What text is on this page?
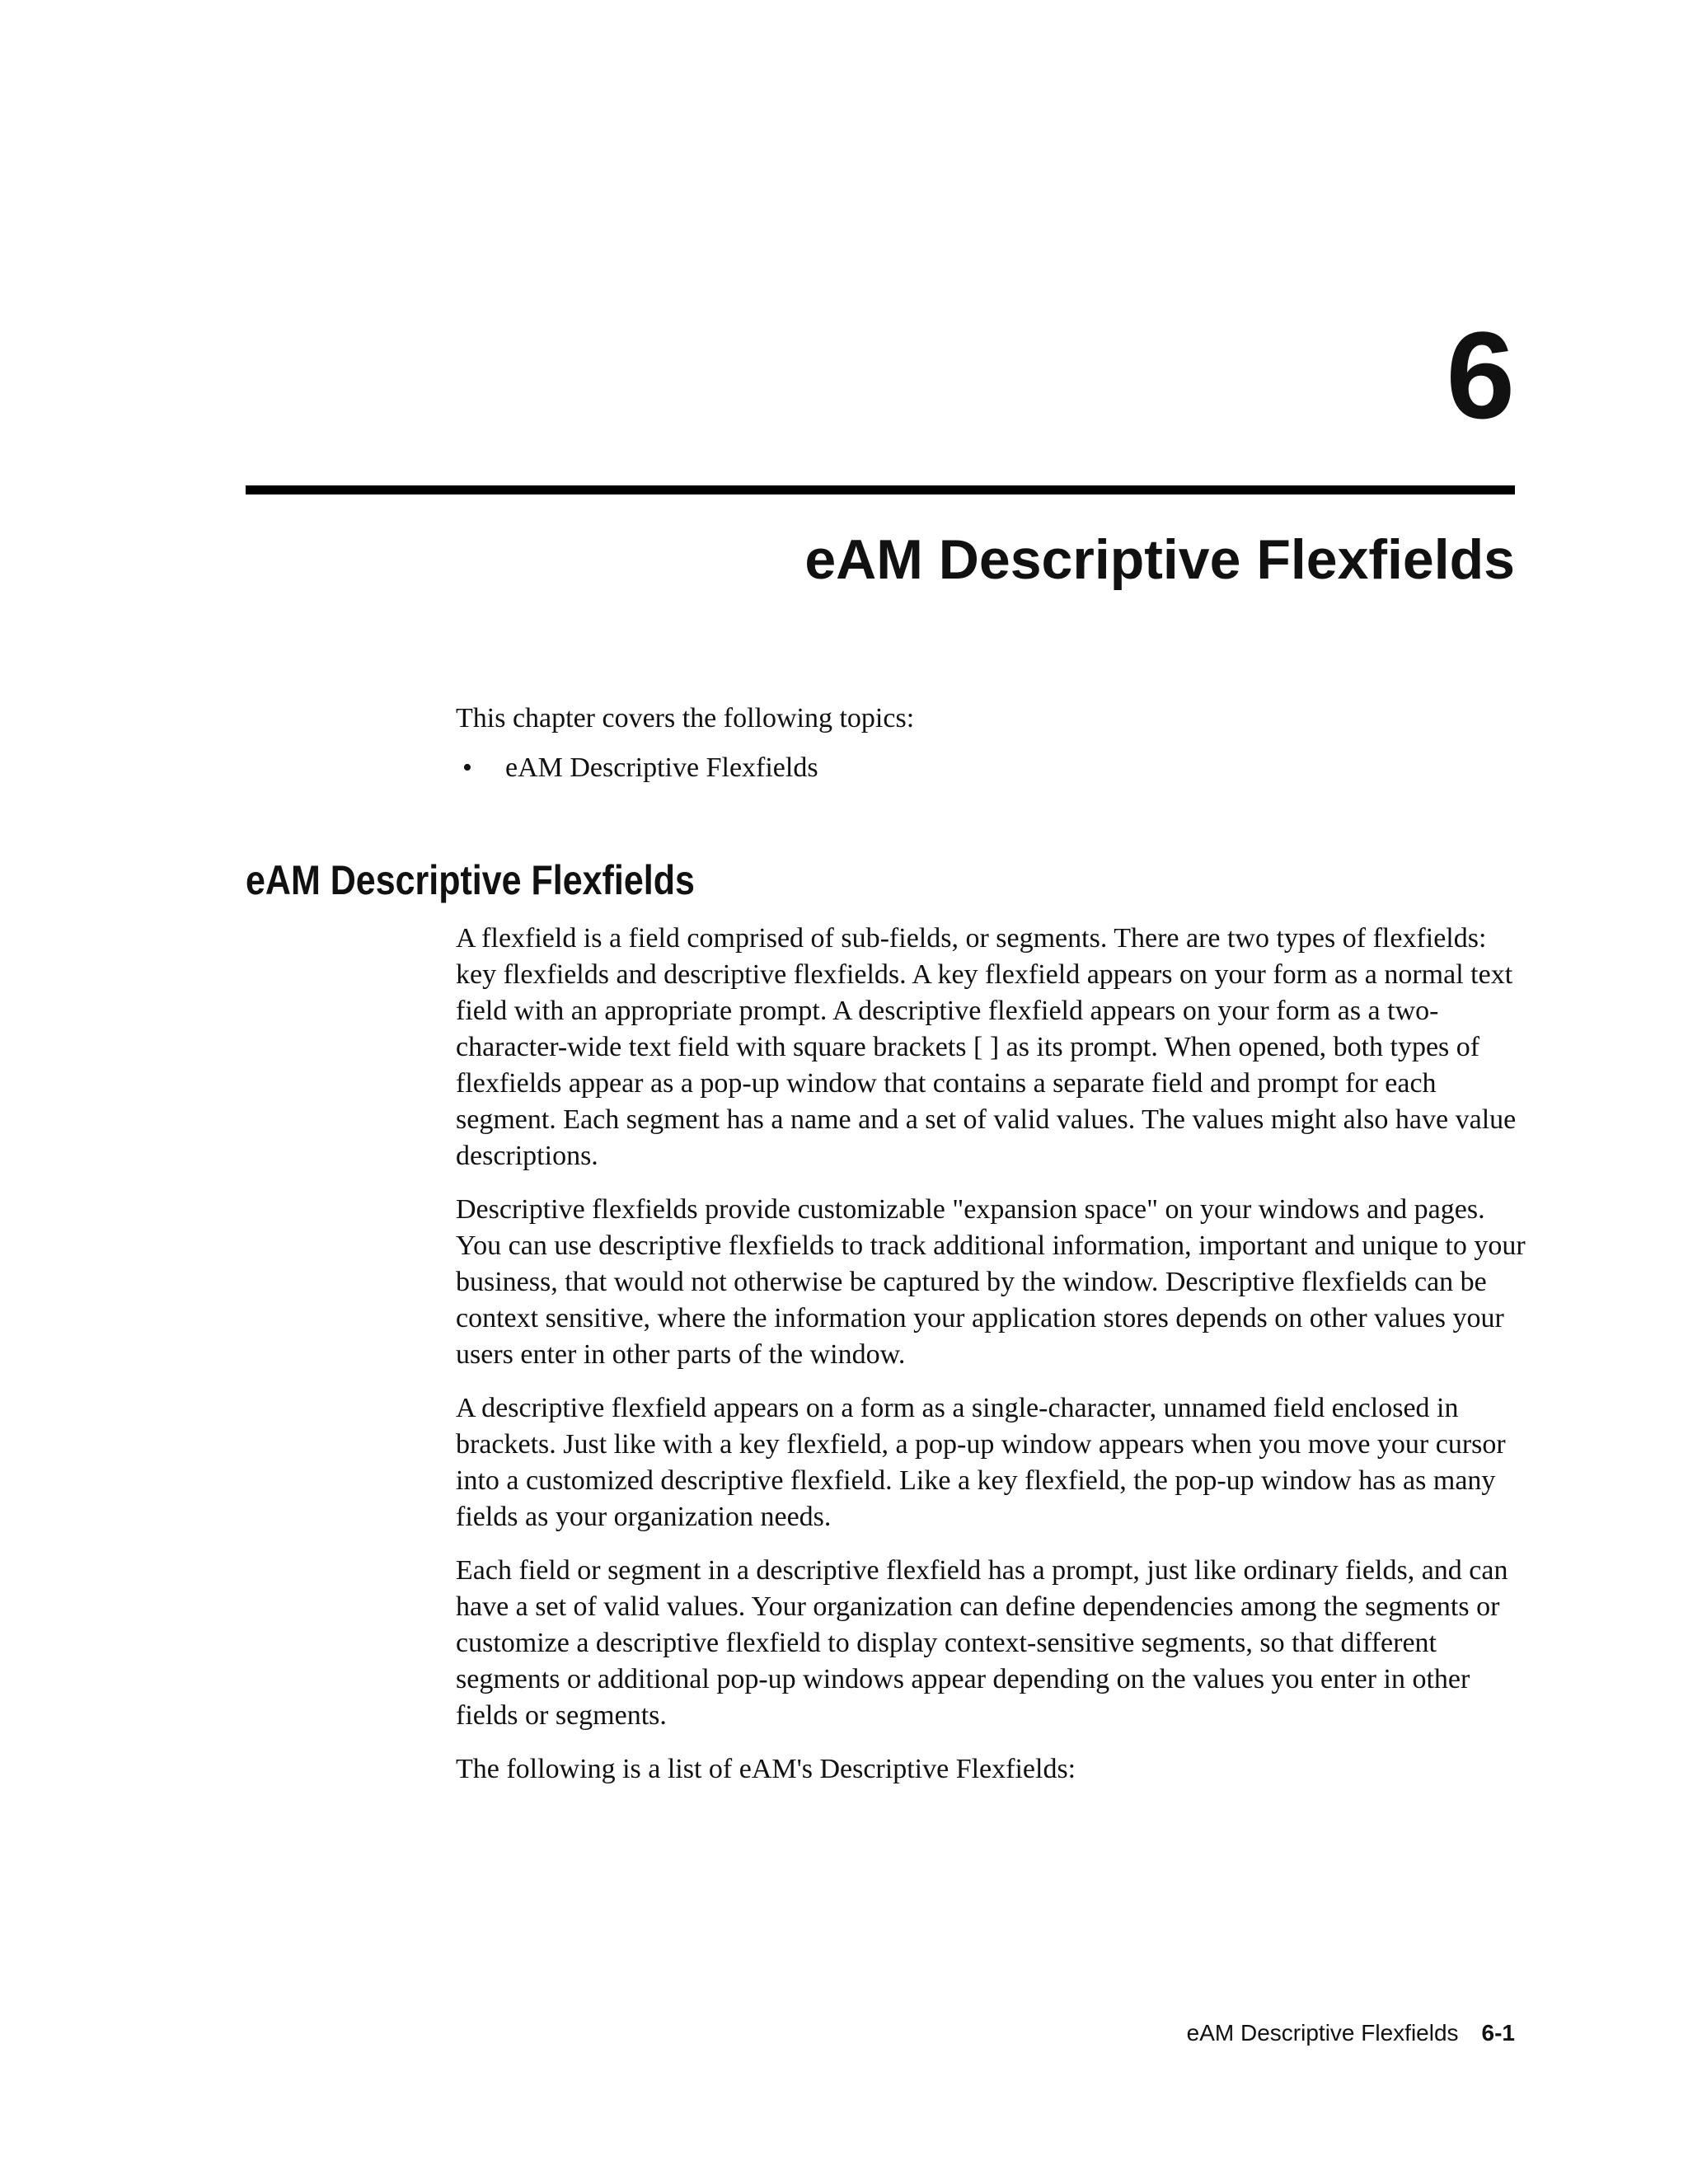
6
eAM Descriptive Flexfields

This chapter covers the following topics:

• eAM Descriptive Flexfields
eAM Descriptive Flexfields

A flexfield is a field comprised of sub-fields, or segments. There are two types of flexfields: key flexfields and descriptive flexfields. A key flexfield appears on your form as a normal text field with an appropriate prompt. A descriptive flexfield appears on your form as a two-character-wide text field with square brackets [ ] as its prompt. When opened, both types of flexfields appear as a pop-up window that contains a separate field and prompt for each segment. Each segment has a name and a set of valid values. The values might also have value descriptions.

Descriptive flexfields provide customizable "expansion space" on your windows and pages. You can use descriptive flexfields to track additional information, important and unique to your business, that would not otherwise be captured by the window. Descriptive flexfields can be context sensitive, where the information your application stores depends on other values your users enter in other parts of the window.

A descriptive flexfield appears on a form as a single-character, unnamed field enclosed in brackets. Just like with a key flexfield, a pop-up window appears when you move your cursor into a customized descriptive flexfield. Like a key flexfield, the pop-up window has as many fields as your organization needs.

Each field or segment in a descriptive flexfield has a prompt, just like ordinary fields, and can have a set of valid values. Your organization can define dependencies among the segments or customize a descriptive flexfield to display context-sensitive segments, so that different segments or additional pop-up windows appear depending on the values you enter in other fields or segments.

The following is a list of eAM's Descriptive Flexfields:

eAM Descriptive Flexfields 6-1
